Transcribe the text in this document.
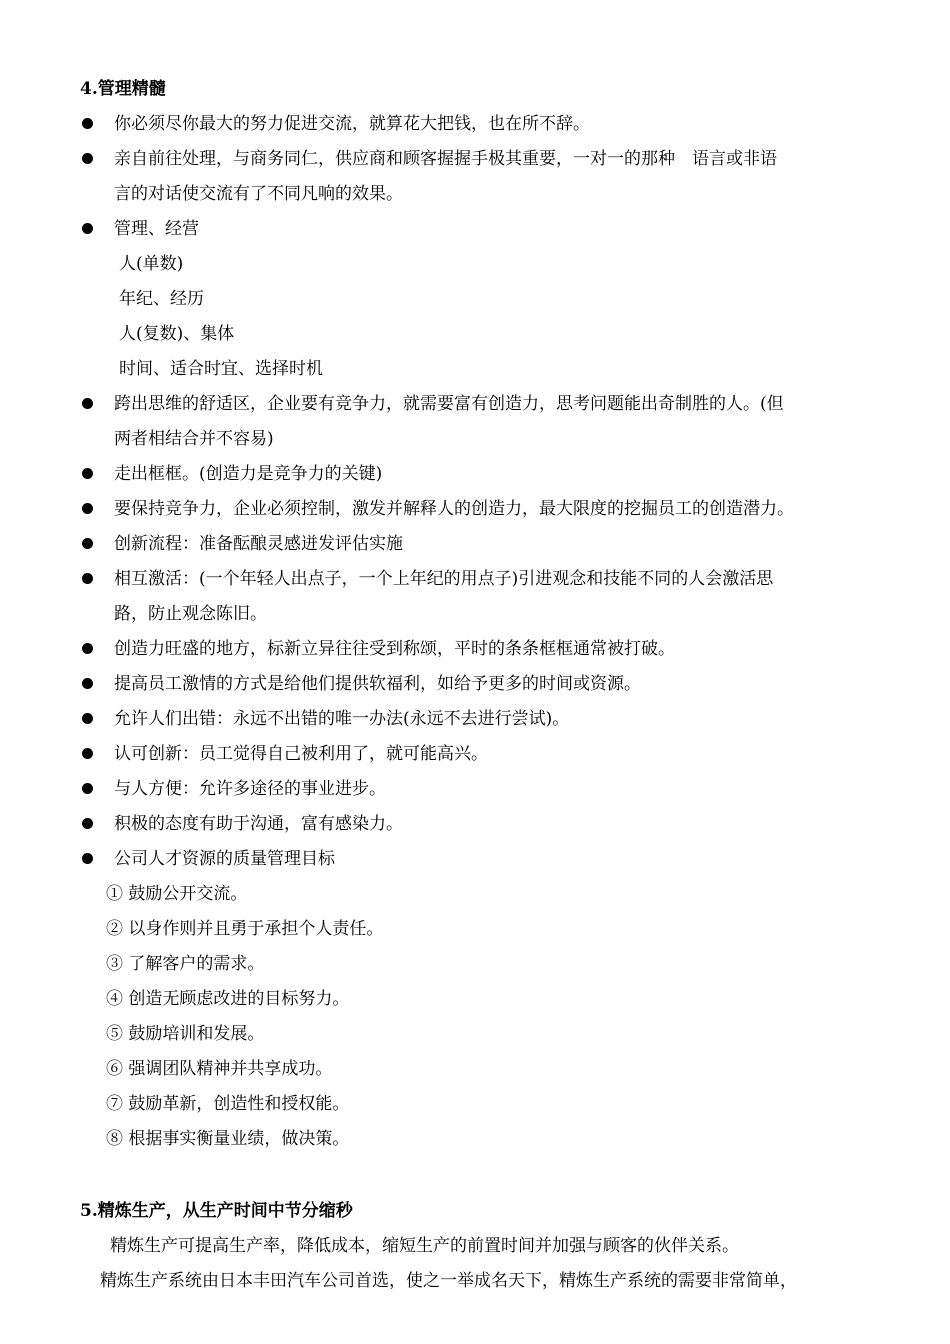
4.管理精髓
你必须尽你最大的努力促进交流，就算花大把钱，也在所不辞。
亲自前往处理，与商务同仁，供应商和顾客握握手极其重要，一对一的那种　语言或非语
言的对话使交流有了不同凡响的效果。
管理、经营
人(单数)
年纪、经历
人(复数)、集体
时间、适合时宜、选择时机
跨出思维的舒适区，企业要有竞争力，就需要富有创造力，思考问题能出奇制胜的人。(但
两者相结合并不容易)
走出框框。(创造力是竞争力的关键)
要保持竞争力，企业必须控制，激发并解释人的创造力，最大限度的挖掘员工的创造潜力。
创新流程：准备酝酿灵感迸发评估实施
相互激活：(一个年轻人出点子，一个上年纪的用点子)引进观念和技能不同的人会激活思
路，防止观念陈旧。
创造力旺盛的地方，标新立异往往受到称颂，平时的条条框框通常被打破。
提高员工激情的方式是给他们提供软福利，如给予更多的时间或资源。
允许人们出错：永远不出错的唯一办法(永远不去进行尝试)。
认可创新：员工觉得自己被利用了，就可能高兴。
与人方便：允许多途径的事业进步。
积极的态度有助于沟通，富有感染力。
公司人才资源的质量管理目标
① 鼓励公开交流。
② 以身作则并且勇于承担个人责任。
③ 了解客户的需求。
④ 创造无顾虑改进的目标努力。
⑤ 鼓励培训和发展。
⑥ 强调团队精神并共享成功。
⑦ 鼓励革新，创造性和授权能。
⑧ 根据事实衡量业绩，做决策。
5.精炼生产，从生产时间中节分缩秒
精炼生产可提高生产率，降低成本，缩短生产的前置时间并加强与顾客的伙伴关系。
精炼生产系统由日本丰田汽车公司首选，使之一举成名天下，精炼生产系统的需要非常简单，
